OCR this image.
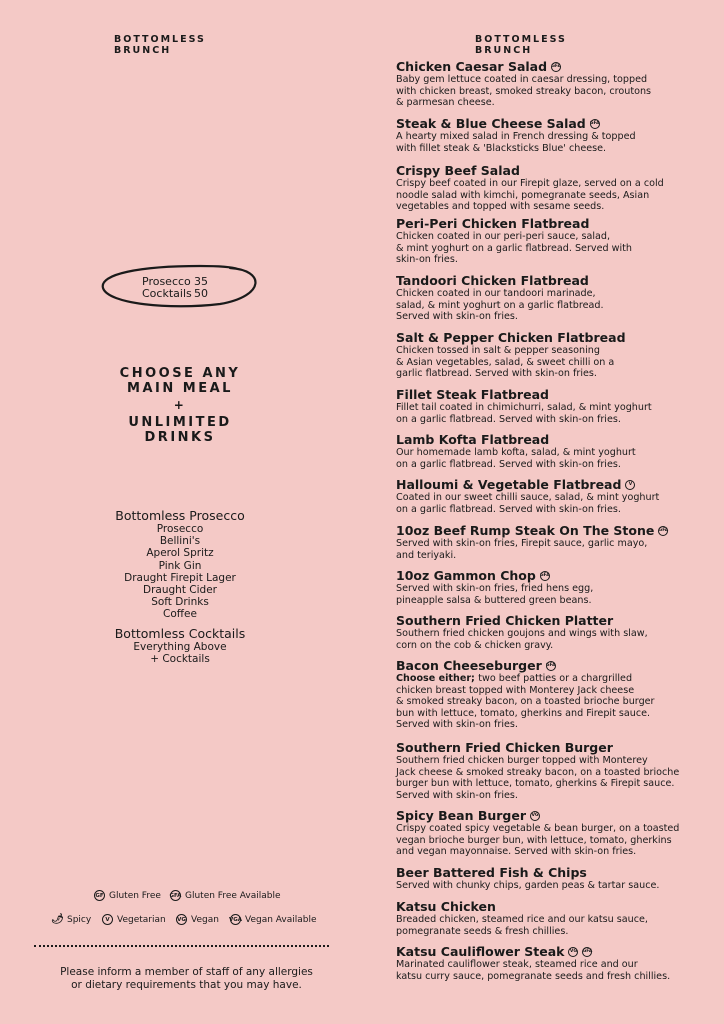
BOTTOMLESS BRUNCH
BOTTOMLESS BRUNCH
Prosecco 35
Cocktails 50
CHOOSE ANY
MAIN MEAL
+
UNLIMITED
DRINKS
Bottomless Prosecco
Prosecco
Bellini's
Aperol Spritz
Pink Gin
Draught Firepit Lager
Draught Cider
Soft Drinks
Coffee
Bottomless Cocktails
Everything Above
+ Cocktails
GF Gluten Free GFA Gluten Free Available
🌶 Spicy	V Vegetarian VG Vegan VGA Vegan Available
Please inform a member of staff of any allergies
or dietary requirements that you may have.
Chicken Caesar Salad GFA
Baby gem lettuce coated in caesar dressing, topped
with chicken breast, smoked streaky bacon, croutons
& parmesan cheese.
Steak & Blue Cheese Salad GFA
A hearty mixed salad in French dressing & topped
with fillet steak & 'Blacksticks Blue' cheese.
Crispy Beef Salad
Crispy beef coated in our Firepit glaze, served on a cold
noodle salad with kimchi, pomegranate seeds, Asian
vegetables and topped with sesame seeds.
Peri-Peri Chicken Flatbread
Chicken coated in our peri-peri sauce, salad,
& mint yoghurt on a garlic flatbread. Served with
skin-on fries.
Tandoori Chicken Flatbread
Chicken coated in our tandoori marinade,
salad, & mint yoghurt on a garlic flatbread.
Served with skin-on fries.
Salt & Pepper Chicken Flatbread
Chicken tossed in salt & pepper seasoning
& Asian vegetables, salad, & sweet chilli on a
garlic flatbread. Served with skin-on fries.
Fillet Steak Flatbread
Fillet tail coated in chimichurri, salad, & mint yoghurt
on a garlic flatbread. Served with skin-on fries.
Lamb Kofta Flatbread
Our homemade lamb kofta, salad, & mint yoghurt
on a garlic flatbread. Served with skin-on fries.
Halloumi & Vegetable Flatbread	V
Coated in our sweet chilli sauce, salad, & mint yoghurt
on a garlic flatbread. Served with skin-on fries.
10oz Beef Rump Steak On The Stone GFA
Served with skin-on fries, Firepit sauce, garlic mayo,
and teriyaki.
10oz Gammon Chop GFA
Served with skin-on fries, fried hens egg,
pineapple salsa & buttered green beans.
Southern Fried Chicken Platter
Southern fried chicken goujons and wings with slaw,
corn on the cob & chicken gravy.
Bacon Cheeseburger GFA
Choose either; two beef patties or a chargrilled
chicken breast topped with Monterey Jack cheese
& smoked streaky bacon, on a toasted brioche burger
bun with lettuce, tomato, gherkins and Firepit sauce.
Served with skin-on fries.
Southern Fried Chicken Burger
Southern fried chicken burger topped with Monterey
Jack cheese & smoked streaky bacon, on a toasted brioche
burger bun with lettuce, tomato, gherkins & Firepit sauce.
Served with skin-on fries.
Spicy Bean Burger	VG
Crispy coated spicy vegetable & bean burger, on a toasted
vegan brioche burger bun, with lettuce, tomato, gherkins
and vegan mayonnaise. Served with skin-on fries.
Beer Battered Fish & Chips
Served with chunky chips, garden peas & tartar sauce.
Katsu Chicken
Breaded chicken, steamed rice and our katsu sauce,
pomegranate seeds & fresh chillies.
Katsu Cauliflower Steak	VG	GFA
Marinated cauliflower steak, steamed rice and our
katsu curry sauce, pomegranate seeds and fresh chillies.
